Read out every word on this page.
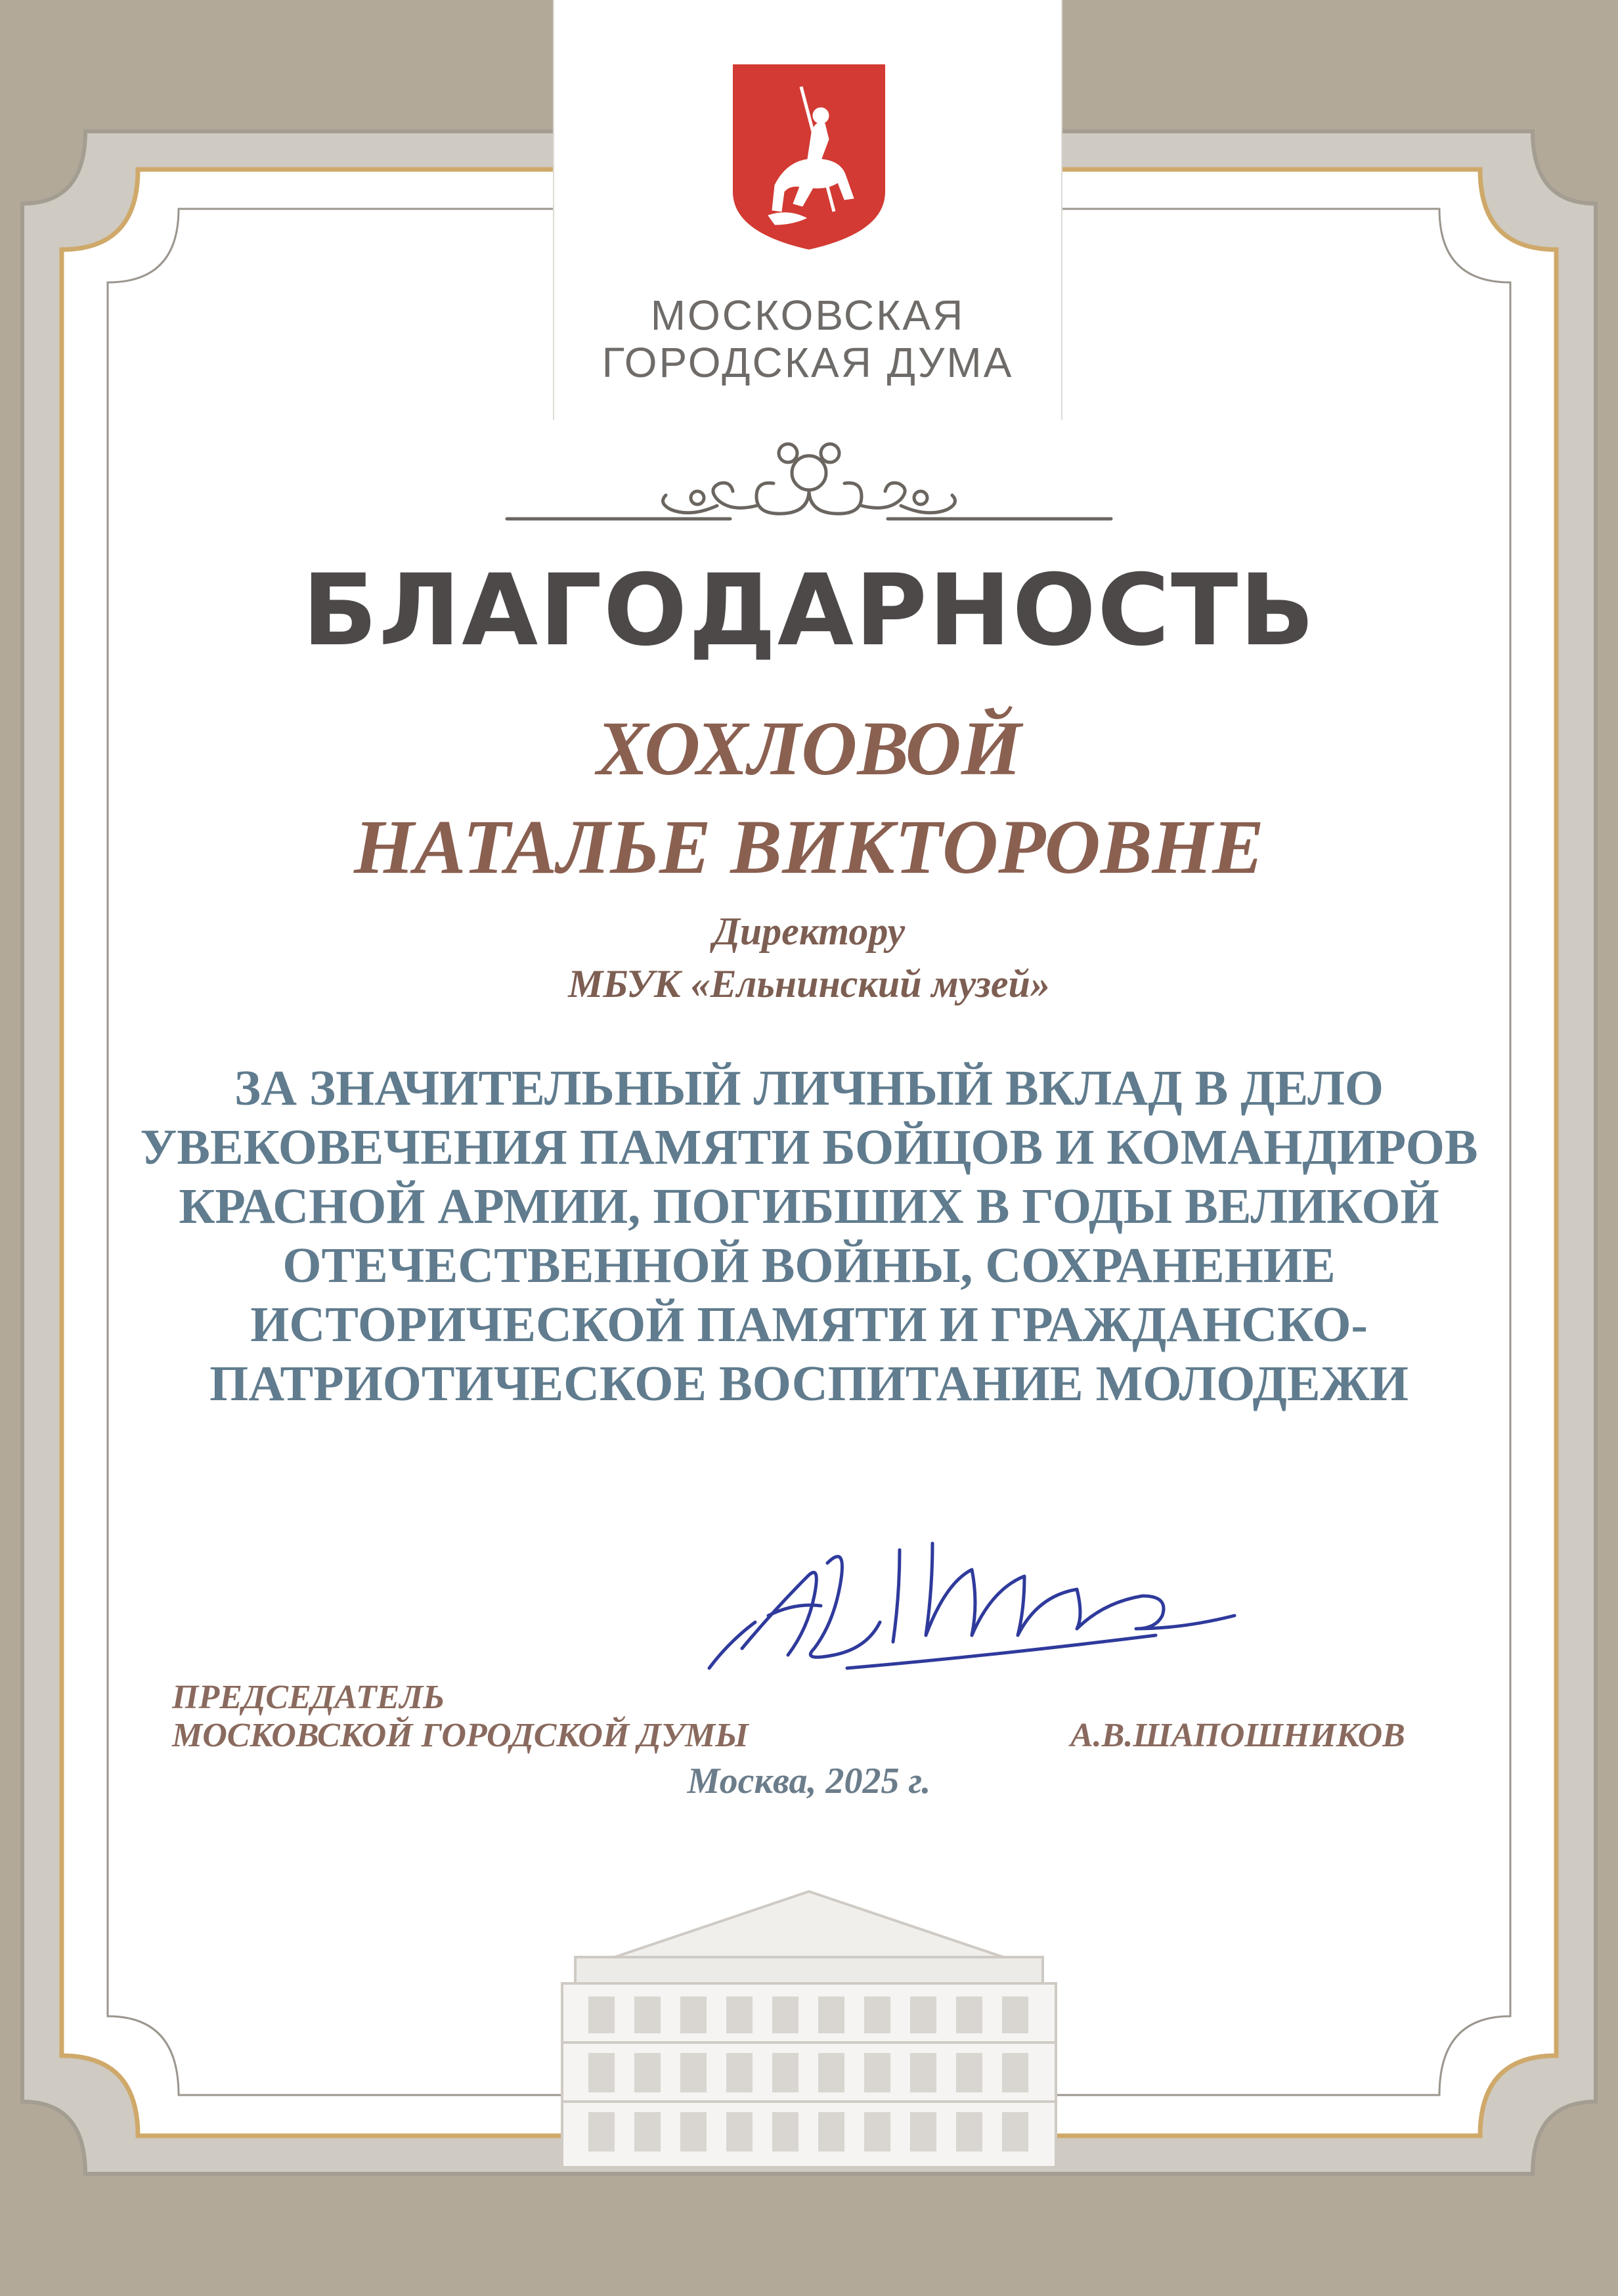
МОСКОВСКАЯ
ГОРОДСКАЯ ДУМА
БЛАГОДАРНОСТЬ
ХОХЛОВОЙ
НАТАЛЬЕ ВИКТОРОВНЕ
Директору
МБУК «Ельнинский музей»
ЗА ЗНАЧИТЕЛЬНЫЙ ЛИЧНЫЙ ВКЛАД В ДЕЛО
УВЕКОВЕЧЕНИЯ ПАМЯТИ БОЙЦОВ И КОМАНДИРОВ
КРАСНОЙ АРМИИ, ПОГИБШИХ В ГОДЫ ВЕЛИКОЙ
ОТЕЧЕСТВЕННОЙ ВОЙНЫ, СОХРАНЕНИЕ
ИСТОРИЧЕСКОЙ ПАМЯТИ И ГРАЖДАНСКО-
ПАТРИОТИЧЕСКОЕ ВОСПИТАНИЕ МОЛОДЕЖИ
ПРЕДСЕДАТЕЛЬ
МОСКОВСКОЙ ГОРОДСКОЙ ДУМЫ	А.В.ШАПОШНИКОВ
Москва, 2025 г.
